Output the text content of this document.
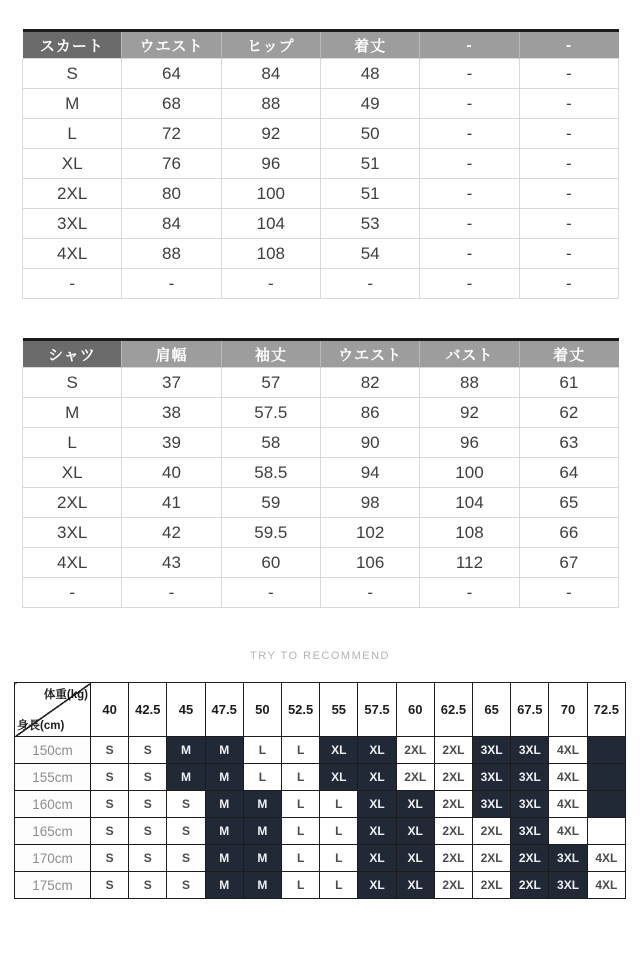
スカート	ウエスト	ヒップ	着丈	-	-
S	64	84	48	-	-
M	68	88	49	-	-
L	72	92	50	-	-
XL	76	96	51	-	-
2XL	80	100	51	-	-
3XL	84	104	53	-	-
4XL	88	108	54	-	-
-	-	-	-	-	-
シャツ	肩幅	袖丈	ウエスト	バスト	着丈
S	37	57	82	88	61
M	38	57.5	86	92	62
L	39	58	90	96	63
XL	40	58.5	94	100	64
2XL	41	59	98	104	65
3XL	42	59.5	102	108	66
4XL	43	60	106	112	67
-	-	-	-	-	-
TRY TO RECOMMEND
体重(kg)
身長(cm)	40	42.5	45	47.5	50	52.5	55	57.5	60	62.5	65	67.5	70	72.5
150cm	S	S	M	M	L	L	XL	XL	2XL	2XL	3XL	3XL	4XL	
155cm	S	S	M	M	L	L	XL	XL	2XL	2XL	3XL	3XL	4XL	
160cm	S	S	S	M	M	L	L	XL	XL	2XL	3XL	3XL	4XL	
165cm	S	S	S	M	M	L	L	XL	XL	2XL	2XL	3XL	4XL	
170cm	S	S	S	M	M	L	L	XL	XL	2XL	2XL	2XL	3XL	4XL
175cm	S	S	S	M	M	L	L	XL	XL	2XL	2XL	2XL	3XL	4XL
